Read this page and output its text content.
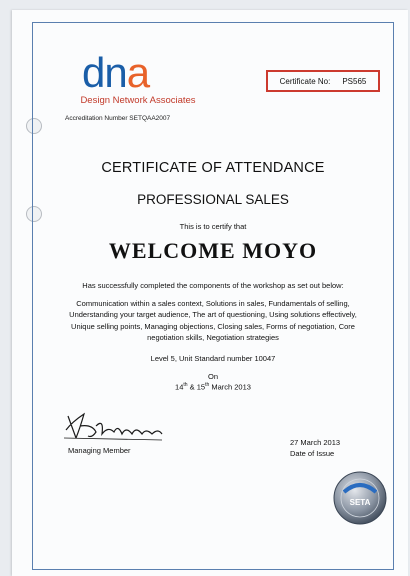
dna
Design Network Associates
Accreditation Number SETQAA2007
Certificate No: PS565
CERTIFICATE OF ATTENDANCE
PROFESSIONAL SALES
This is to certify that
WELCOME MOYO
Has successfully completed the components of the workshop as set out below:
Communication within a sales context, Solutions in sales, Fundamentals of selling, Understanding your target audience, The art of questioning, Using solutions effectively, Unique selling points, Managing objections, Closing sales, Forms of negotiation, Core negotiation skills, Negotiation strategies
Level 5, Unit Standard number 10047
On
14th & 15th March 2013
Managing Member
27 March 2013
Date of Issue
SETA
